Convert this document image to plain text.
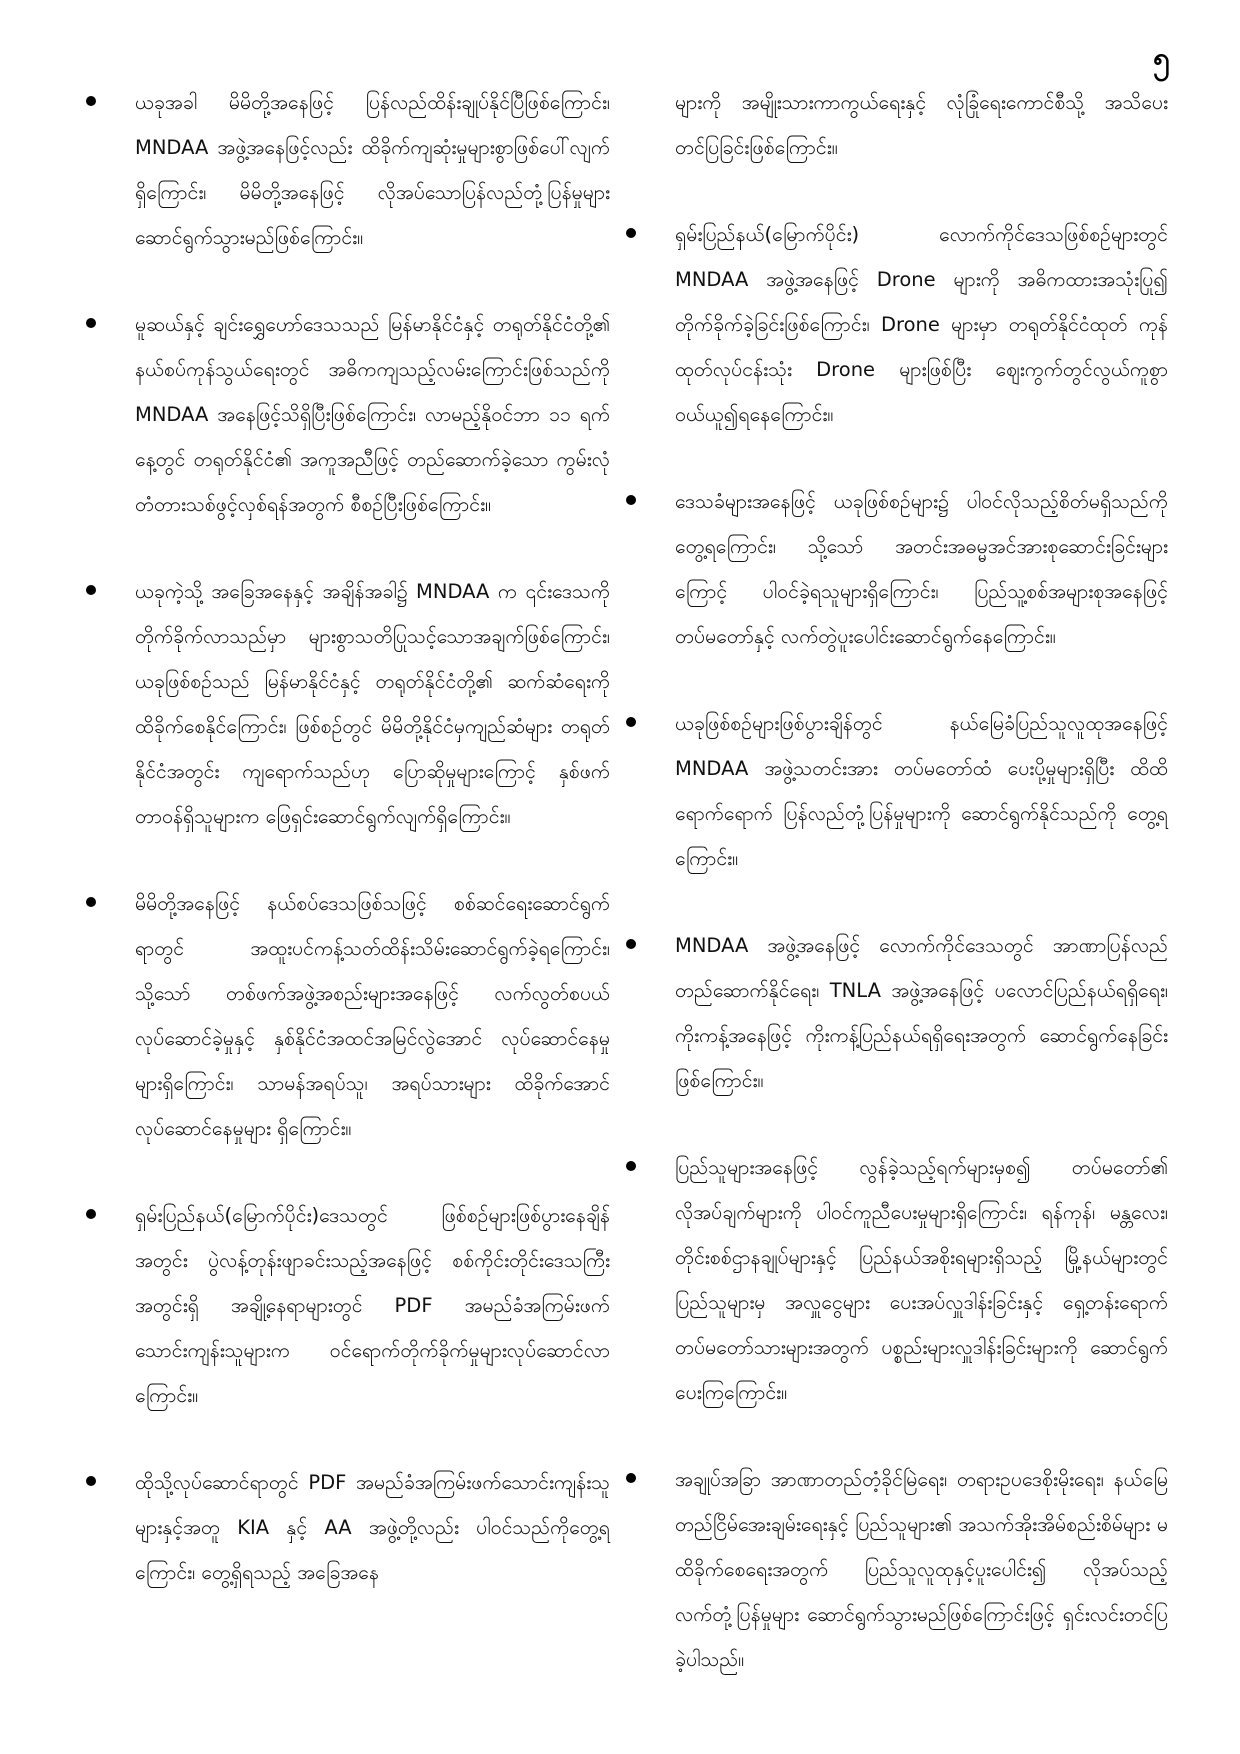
၅
ယခုအခါ မိမိတို့အနေဖြင့် ပြန်လည်ထိန်းချုပ်နိုင်ပြီဖြစ်ကြောင်း၊ MNDAA အဖွဲ့အနေဖြင့်လည်း ထိခိုက်ကျဆုံးမှုများစွာဖြစ်ပေါ်လျက်ရှိကြောင်း၊ မိမိတို့အနေဖြင့် လိုအပ်သောပြန်လည်တုံ့ပြန်မှုများ ဆောင်ရွက်သွားမည်ဖြစ်ကြောင်း။
မူဆယ်နှင့် ချင်းရွှေဟော်ဒေသသည် မြန်မာနိုင်ငံနှင့် တရုတ်နိုင်ငံတို့၏ နယ်စပ်ကုန်သွယ်ရေးတွင် အဓိကကျသည့်လမ်းကြောင်းဖြစ်သည်ကို MNDAA အနေဖြင့်သိရှိပြီးဖြစ်ကြောင်း၊ လာမည့်နိုဝင်ဘာ ၁၁ ရက်နေ့တွင် တရုတ်နိုင်ငံ၏ အကူအညီဖြင့် တည်ဆောက်ခဲ့သော ကွမ်းလုံတံတားသစ်ဖွင့်လှစ်ရန်အတွက် စီစဉ်ပြီးဖြစ်ကြောင်း။
ယခုကဲ့သို့ အခြေအနေနှင့် အချိန်အခါ၌ MNDAA က ၎င်းဒေသကိုတိုက်ခိုက်လာသည်မှာ များစွာသတိပြုသင့်သောအချက်ဖြစ်ကြောင်း၊ ယခုဖြစ်စဉ်သည် မြန်မာနိုင်ငံနှင့် တရုတ်နိုင်ငံတို့၏ ဆက်ဆံရေးကို ထိခိုက်စေနိုင်ကြောင်း၊ ဖြစ်စဉ်တွင် မိမိတို့နိုင်ငံမှကျည်ဆံများ တရုတ်နိုင်ငံအတွင်း ကျရောက်သည်ဟု ပြောဆိုမှုများကြောင့် နှစ်ဖက်တာဝန်ရှိသူများက ဖြေရှင်းဆောင်ရွက်လျက်ရှိကြောင်း။
မိမိတို့အနေဖြင့် နယ်စပ်ဒေသဖြစ်သဖြင့် စစ်ဆင်ရေးဆောင်ရွက်ရာတွင် အထူးပင်ကန့်သတ်ထိန်းသိမ်းဆောင်ရွက်ခဲ့ရကြောင်း၊ သို့သော် တစ်ဖက်အဖွဲ့အစည်းများအနေဖြင့် လက်လွတ်စပယ်လုပ်ဆောင်ခဲ့မှုနှင့် နှစ်နိုင်ငံအထင်အမြင်လွဲအောင် လုပ်ဆောင်နေမှုများရှိကြောင်း၊ သာမန်အရပ်သူ၊ အရပ်သားများ ထိခိုက်အောင် လုပ်ဆောင်နေမှုများ ရှိကြောင်း။
ရှမ်းပြည်နယ်(မြောက်ပိုင်း)ဒေသတွင် ဖြစ်စဉ်များဖြစ်ပွားနေချိန်အတွင်း ပွဲလန့်တုန်းဖျာခင်းသည့်အနေဖြင့် စစ်ကိုင်းတိုင်းဒေသကြီးအတွင်းရှိ အချို့နေရာများတွင် PDF အမည်ခံအကြမ်းဖက်သောင်းကျန်းသူများက ဝင်ရောက်တိုက်ခိုက်မှုများလုပ်ဆောင်လာကြောင်း။
ထိုသို့လုပ်ဆောင်ရာတွင် PDF အမည်ခံအကြမ်းဖက်သောင်းကျန်းသူများနှင့်အတူ KIA နှင့် AA အဖွဲ့တို့လည်း ပါဝင်သည်ကိုတွေ့ရကြောင်း၊ တွေ့ရှိရသည့် အခြေအနေ
များကို အမျိုးသားကာကွယ်ရေးနှင့် လုံခြုံရေးကောင်စီသို့ အသိပေး တင်ပြခြင်းဖြစ်ကြောင်း။
ရှမ်းပြည်နယ်(မြောက်ပိုင်း) လောက်ကိုင်ဒေသဖြစ်စဉ်များတွင် MNDAA အဖွဲ့အနေဖြင့် Drone များကို အဓိကထားအသုံးပြု၍ တိုက်ခိုက်ခဲ့ခြင်းဖြစ်ကြောင်း၊ Drone များမှာ တရုတ်နိုင်ငံထုတ် ကုန်ထုတ်လုပ်ငန်းသုံး Drone များဖြစ်ပြီး ဈေးကွက်တွင်လွယ်ကူစွာဝယ်ယူ၍ရနေကြောင်း။
ဒေသခံများအနေဖြင့် ယခုဖြစ်စဉ်များ၌ ပါဝင်လိုသည့်စိတ်မရှိသည်ကိုတွေ့ရကြောင်း၊ သို့သော် အတင်းအဓမ္မအင်အားစုဆောင်းခြင်းများကြောင့် ပါဝင်ခဲ့ရသူများရှိကြောင်း၊ ပြည်သူ့စစ်အများစုအနေဖြင့် တပ်မတော်နှင့် လက်တွဲပူးပေါင်းဆောင်ရွက်နေကြောင်း။
ယခုဖြစ်စဉ်များဖြစ်ပွားချိန်တွင် နယ်မြေခံပြည်သူလူထုအနေဖြင့် MNDAA အဖွဲ့သတင်းအား တပ်မတော်ထံ ပေးပို့မှုများရှိပြီး ထိထိရောက်ရောက် ပြန်လည်တုံ့ပြန်မှုများကို ဆောင်ရွက်နိုင်သည်ကို တွေ့ရကြောင်း။
MNDAA အဖွဲ့အနေဖြင့် လောက်ကိုင်ဒေသတွင် အာဏာပြန်လည်တည်ဆောက်နိုင်ရေး၊ TNLA အဖွဲ့အနေဖြင့် ပလောင်ပြည်နယ်ရရှိရေး၊ ကိုးကန့်အနေဖြင့် ကိုးကန့်ပြည်နယ်ရရှိရေးအတွက် ဆောင်ရွက်နေခြင်းဖြစ်ကြောင်း။
ပြည်သူများအနေဖြင့် လွန်ခဲ့သည့်ရက်များမှစ၍ တပ်မတော်၏ လိုအပ်ချက်များကို ပါဝင်ကူညီပေးမှုများရှိကြောင်း၊ ရန်ကုန်၊ မန္တလေး၊ တိုင်းစစ်ဌာနချုပ်များနှင့် ပြည်နယ်အစိုးရများရှိသည့် မြို့နယ်များတွင် ပြည်သူများမှ အလှူငွေများ ပေးအပ်လှူဒါန်းခြင်းနှင့် ရှေ့တန်းရောက်တပ်မတော်သားများအတွက် ပစ္စည်းများလှူဒါန်းခြင်းများကို ဆောင်ရွက်ပေးကြကြောင်း။
အချုပ်အခြာ အာဏာတည်တံ့ခိုင်မြဲရေး၊ တရားဥပဒေစိုးမိုးရေး၊ နယ်မြေတည်ငြိမ်အေးချမ်းရေးနှင့် ပြည်သူများ၏ အသက်အိုးအိမ်စည်းစိမ်များ မထိခိုက်စေရေးအတွက် ပြည်သူလူထုနှင့်ပူးပေါင်း၍ လိုအပ်သည့်လက်တုံ့ပြန်မှုများ ဆောင်ရွက်သွားမည်ဖြစ်ကြောင်းဖြင့် ရှင်းလင်းတင်ပြခဲ့ပါသည်။
